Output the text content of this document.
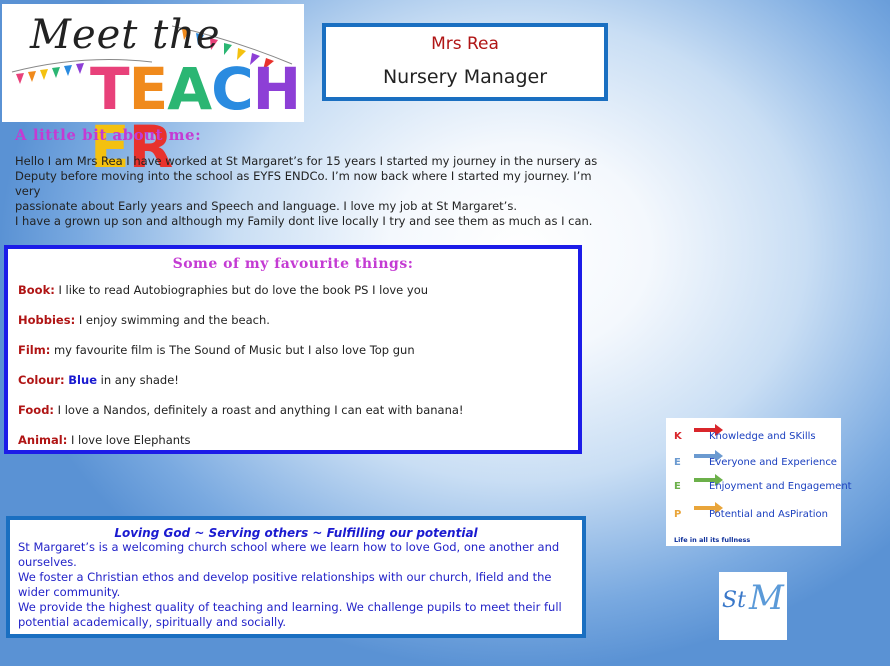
Meet the
TEACHER
Mrs Rea
Nursery Manager
A little bit about me:
Hello I am Mrs Rea I have worked at St Margaret’s for 15 years I started my journey in the nursery as
Deputy before moving into the school as EYFS ENDCo. I’m now back where I started my journey. I’m very
passionate about Early years and Speech and language. I love my job at St Margaret’s.
I have a grown up son and although my Family dont live locally I try and see them as much as I can.
Some of my favourite things:
Book: I like to read Autobiographies but do love the book PS I love you
Hobbies: I enjoy swimming and the beach.
Film: my favourite film is The Sound of Music but I also love Top gun
Colour: Blue in any shade!
Food: I love a Nandos, definitely a roast and anything I can eat with banana!
Animal: I love love Elephants
Loving God ~ Serving others ~ Fulfilling our potential
St Margaret’s is a welcoming church school where we learn how to love God, one another and ourselves.
We foster a Christian ethos and develop positive relationships with our church, Ifield and the wider community.
We provide the highest quality of teaching and learning. We challenge pupils to meet their full potential academically, spiritually and socially.
K	Knowledge and SKills
E	Everyone and Experience
E	Enjoyment and Engagement
P	Potential and AsPiration
Life in all its fullness
St M
